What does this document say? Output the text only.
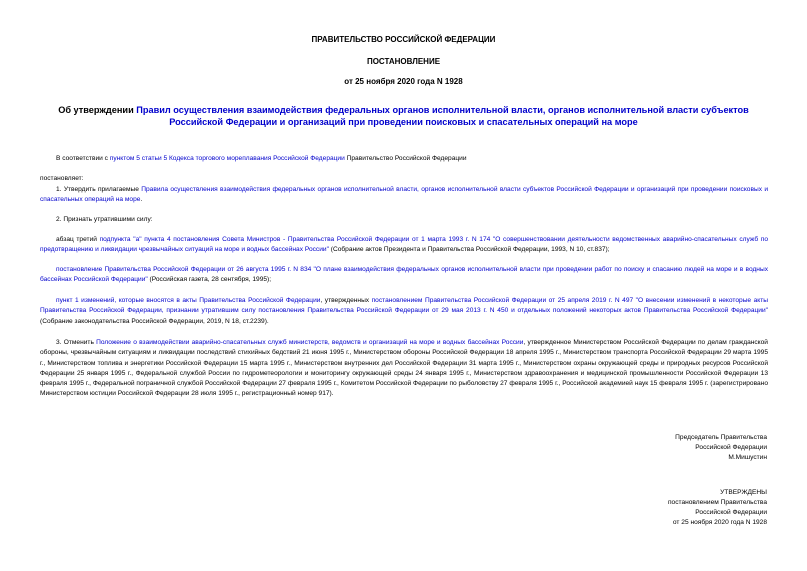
ПРАВИТЕЛЬСТВО РОССИЙСКОЙ ФЕДЕРАЦИИ
ПОСТАНОВЛЕНИЕ
от 25 ноября 2020 года N 1928
Об утверждении Правил осуществления взаимодействия федеральных органов исполнительной власти, органов исполнительной власти субъектов Российской Федерации и организаций при проведении поисковых и спасательных операций на море
В соответствии с пунктом 5 статьи 5 Кодекса торгового мореплавания Российской Федерации Правительство Российской Федерации
постановляет:
1. Утвердить прилагаемые Правила осуществления взаимодействия федеральных органов исполнительной власти, органов исполнительной власти субъектов Российской Федерации и организаций при проведении поисковых и спасательных операций на море.
2. Признать утратившими силу:
абзац третий подпункта "а" пункта 4 постановления Совета Министров - Правительства Российской Федерации от 1 марта 1993 г. N 174 "О совершенствовании деятельности ведомственных аварийно-спасательных служб по предотвращению и ликвидации чрезвычайных ситуаций на море и водных бассейнах России" (Собрание актов Президента и Правительства Российской Федерации, 1993, N 10, ст.837);
постановление Правительства Российской Федерации от 26 августа 1995 г. N 834 "О плане взаимодействия федеральных органов исполнительной власти при проведении работ по поиску и спасанию людей на море и в водных бассейнах Российской Федерации" (Российская газета, 28 сентября, 1995);
пункт 1 изменений, которые вносятся в акты Правительства Российской Федерации, утвержденных постановлением Правительства Российской Федерации от 25 апреля 2019 г. N 497 "О внесении изменений в некоторые акты Правительства Российской Федерации, признании утратившим силу постановления Правительства Российской Федерации от 29 мая 2013 г. N 450 и отдельных положений некоторых актов Правительства Российской Федерации" (Собрание законодательства Российской Федерации, 2019, N 18, ст.2239).
3. Отменить Положение о взаимодействии аварийно-спасательных служб министерств, ведомств и организаций на море и водных бассейнах России, утвержденное Министерством Российской Федерации по делам гражданской обороны, чрезвычайным ситуациям и ликвидации последствий стихийных бедствий 21 июня 1995 г., Министерством обороны Российской Федерации 18 апреля 1995 г., Министерством транспорта Российской Федерации 29 марта 1995 г., Министерством топлива и энергетики Российской Федерации 15 марта 1995 г., Министерством внутренних дел Российской Федерации 31 марта 1995 г., Министерством охраны окружающей среды и природных ресурсов Российской Федерации 25 января 1995 г., Федеральной службой России по гидрометеорологии и мониторингу окружающей среды 24 января 1995 г., Министерством здравоохранения и медицинской промышленности Российской Федерации 13 февраля 1995 г., Федеральной пограничной службой Российской Федерации 27 февраля 1995 г., Комитетом Российской Федерации по рыболовству 27 февраля 1995 г., Российской академией наук 15 февраля 1995 г. (зарегистрировано Министерством юстиции Российской Федерации 28 июля 1995 г., регистрационный номер 917).
Председатель Правительства
Российской Федерации
М.Мишустин
УТВЕРЖДЕНЫ
постановлением Правительства
Российской Федерации
от 25 ноября 2020 года N 1928
